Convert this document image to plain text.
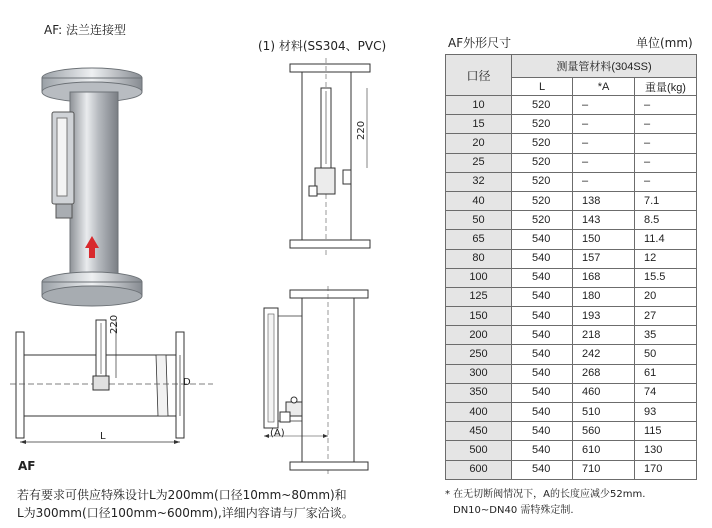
AF: 法兰连接型
(1) 材料(SS304、PVC)	AF外形尺寸	单位(mm)
220
D
L
AF
220
(A)
口径	测量管材料(304SS)		
	L	*A	重量(kg)
10	520	–	–
15	520	–	–
20	520	–	–
25	520	–	–
32	520	–	–
40	520	138	7.1
50	520	143	8.5
65	540	150	11.4
80	540	157	12
100	540	168	15.5
125	540	180	20
150	540	193	27
200	540	218	35
250	540	242	50
300	540	268	61
350	540	460	74
400	540	510	93
450	540	560	115
500	540	610	130
600	540	710	170
若有要求可供应特殊设计L为200mm(口径10mm~80mm)和
L为300mm(口径100mm~600mm),详细内容请与厂家洽谈。
* 在无切断阀情况下，A的长度应减少52mm.
DN10~DN40 需特殊定制.
